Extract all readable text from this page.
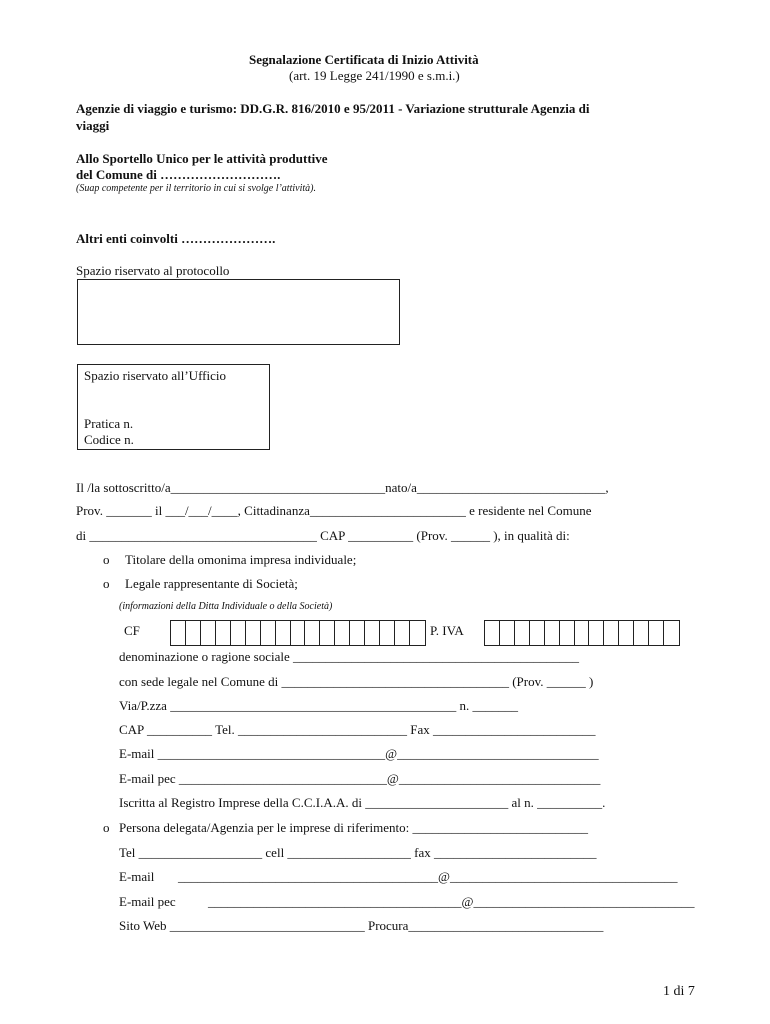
Segnalazione Certificata di Inizio Attività
(art. 19 Legge 241/1990 e s.m.i.)
Agenzie di viaggio e turismo: DD.G.R. 816/2010 e 95/2011 - Variazione strutturale Agenzia di
viaggi
Allo Sportello Unico per le attività produttive
del Comune di ……………………….
(Suap competente per il territorio in cui si svolge l’attività).
Altri enti coinvolti ………………….
Spazio riservato al protocollo
Spazio riservato all’Ufficio
Pratica n.
Codice n.
Il /la sottoscritto/a_________________________________nato/a_____________________________,
Prov. _______ il ___/___/____, Cittadinanza________________________ e residente nel Comune
di ___________________________________ CAP __________ (Prov. ______ ), in qualità di:
o Titolare della omonima impresa individuale;
o Legale rappresentante di Società;
(informazioni della Ditta Individuale o della Società)
CF	P. IVA
denominazione o ragione sociale ____________________________________________
con sede legale nel Comune di ___________________________________ (Prov. ______ )
Via/P.zza ____________________________________________ n. _______
CAP __________ Tel. __________________________ Fax _________________________
E-mail ___________________________________@_______________________________
E-mail pec ________________________________@_______________________________
Iscritta al Registro Imprese della C.C.I.A.A. di ______________________ al n. __________.
o Persona delegata/Agenzia per le imprese di riferimento: ___________________________
Tel ___________________ cell ___________________ fax _________________________
E-mail ________________________________________@___________________________________
E-mail pec _______________________________________@__________________________________
Sito Web ______________________________ Procura______________________________
1 di 7
